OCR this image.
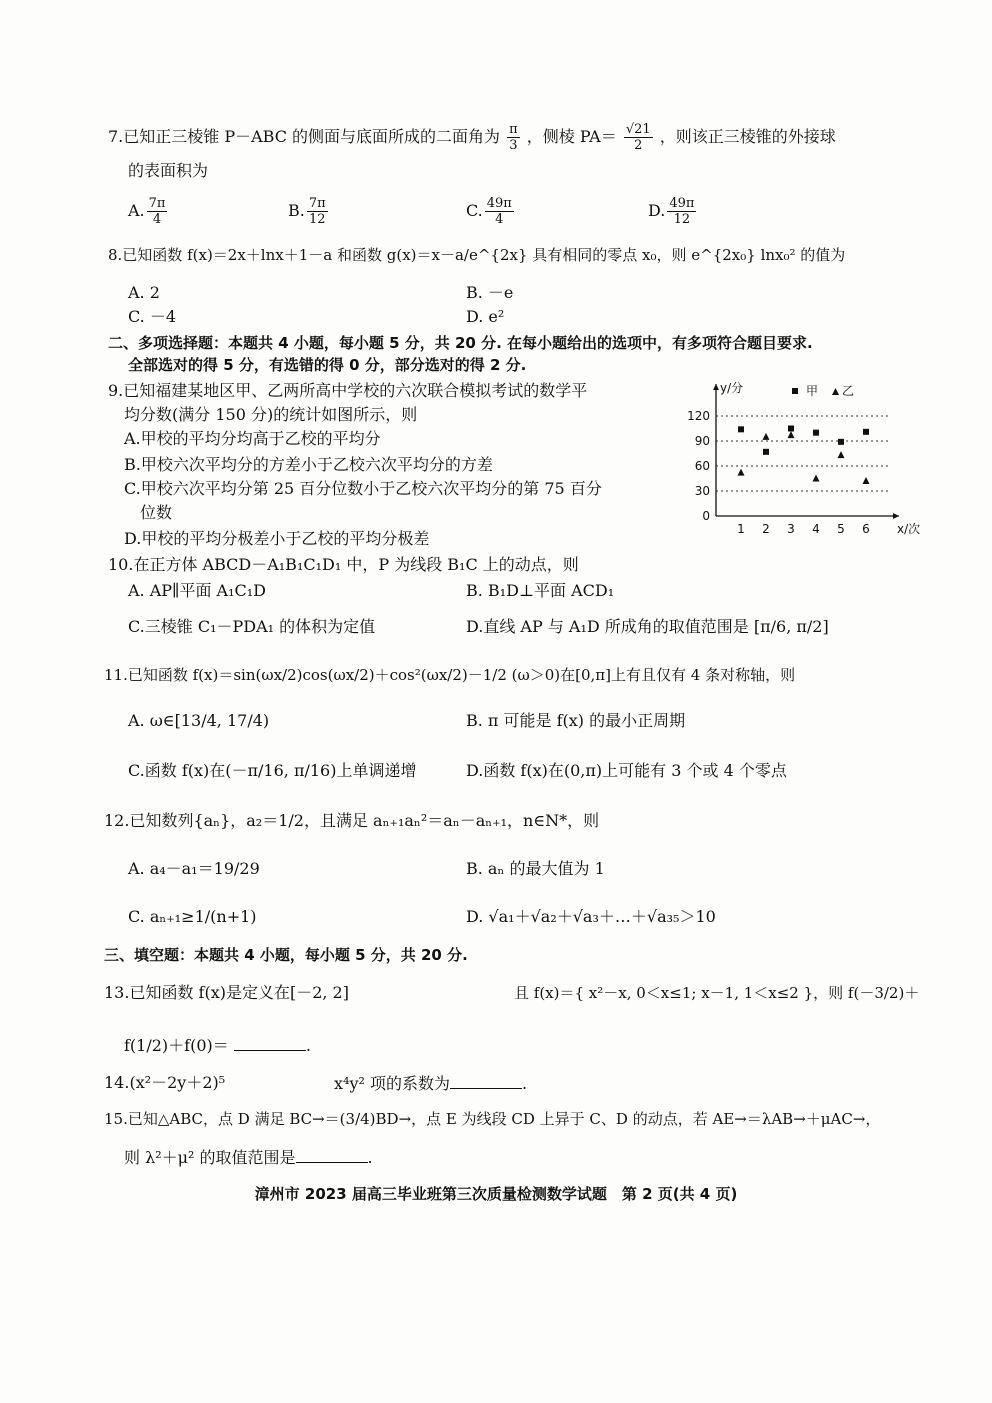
7.已知正三棱锥 P－ABC 的侧面与底面所成的二面角为 $\frac{\pi}{3}$ ，侧棱 $PA= \frac{√21}{2}$ ，则该正三棱锥的外接球
的表面积为
A. $\frac{7\pi}{4}$	B. $\frac{7\pi}{12}$	C. $\frac{49\pi}{4}$	D. $\frac{49\pi}{12}$
8.已知函数 f(x)＝2x＋lnx＋1－a 和函数 g(x)＝x－a/e^{2x} 具有相同的零点 x₀，则 e^{2x₀} lnx₀² 的值为
A. 2	B. －e
C. －4	D. e²
二、多项选择题：本题共 4 小题，每小题 5 分，共 20 分. 在每小题给出的选项中，有多项符合题目要求.
全部选对的得 5 分，有选错的得 0 分，部分选对的得 2 分.
9.已知福建某地区甲、乙两所高中学校的六次联合模拟考试的数学平
均分数(满分 150 分)的统计如图所示，则
A.甲校的平均分均高于乙校的平均分
B.甲校六次平均分的方差小于乙校六次平均分的方差
C.甲校六次平均分第 25 百分位数小于乙校六次平均分的第 75 百分
位数
D.甲校的平均分极差小于乙校的平均分极差
0
30
60
90
120
1 2 3 4 5 6
y/分
x/次
甲 乙
10.在正方体 ABCD－A₁B₁C₁D₁ 中，P 为线段 B₁C 上的动点，则
A. AP∥平面 A₁C₁D	B. B₁D⊥平面 ACD₁
C.三棱锥 C₁－PDA₁ 的体积为定值	D.直线 AP 与 A₁D 所成角的取值范围是 [π/6, π/2]
11.已知函数 f(x)＝sin(ωx/2)cos(ωx/2)＋cos²(ωx/2)－1/2 (ω＞0)在[0,π]上有且仅有 4 条对称轴，则
A. ω∈[13/4, 17/4)	B. π 可能是 f(x) 的最小正周期
C.函数 f(x)在(－π/16, π/16)上单调递增	D.函数 f(x)在(0,π)上可能有 3 个或 4 个零点
12.已知数列{aₙ}，a₂＝1/2，且满足 aₙ₊₁aₙ²＝aₙ－aₙ₊₁，n∈N*，则
A. a₄－a₁＝19/29	B. aₙ 的最大值为 1
C. aₙ₊₁≥1/(n+1)	D. √a₁＋√a₂＋√a₃＋…＋√a₃₅＞10
三、填空题：本题共 4 小题，每小题 5 分，共 20 分.
13.已知函数 f(x)是定义在[－2, 2]	且 f(x)＝{ x²－x, 0＜x≤1; x－1, 1＜x≤2 }，则 f(－3/2)＋
f(1/2)＋f(0)＝	.
14.(x²－2y＋2)⁵	x⁴y² 项的系数为	.
15.已知△ABC，点 D 满足 BC→＝(3/4)BD→，点 E 为线段 CD 上异于 C、D 的动点，若 AE→＝λAB→＋μAC→，
则 λ²＋μ² 的取值范围是	.
漳州市 2023 届高三毕业班第三次质量检测数学试题　第 2 页(共 4 页)
